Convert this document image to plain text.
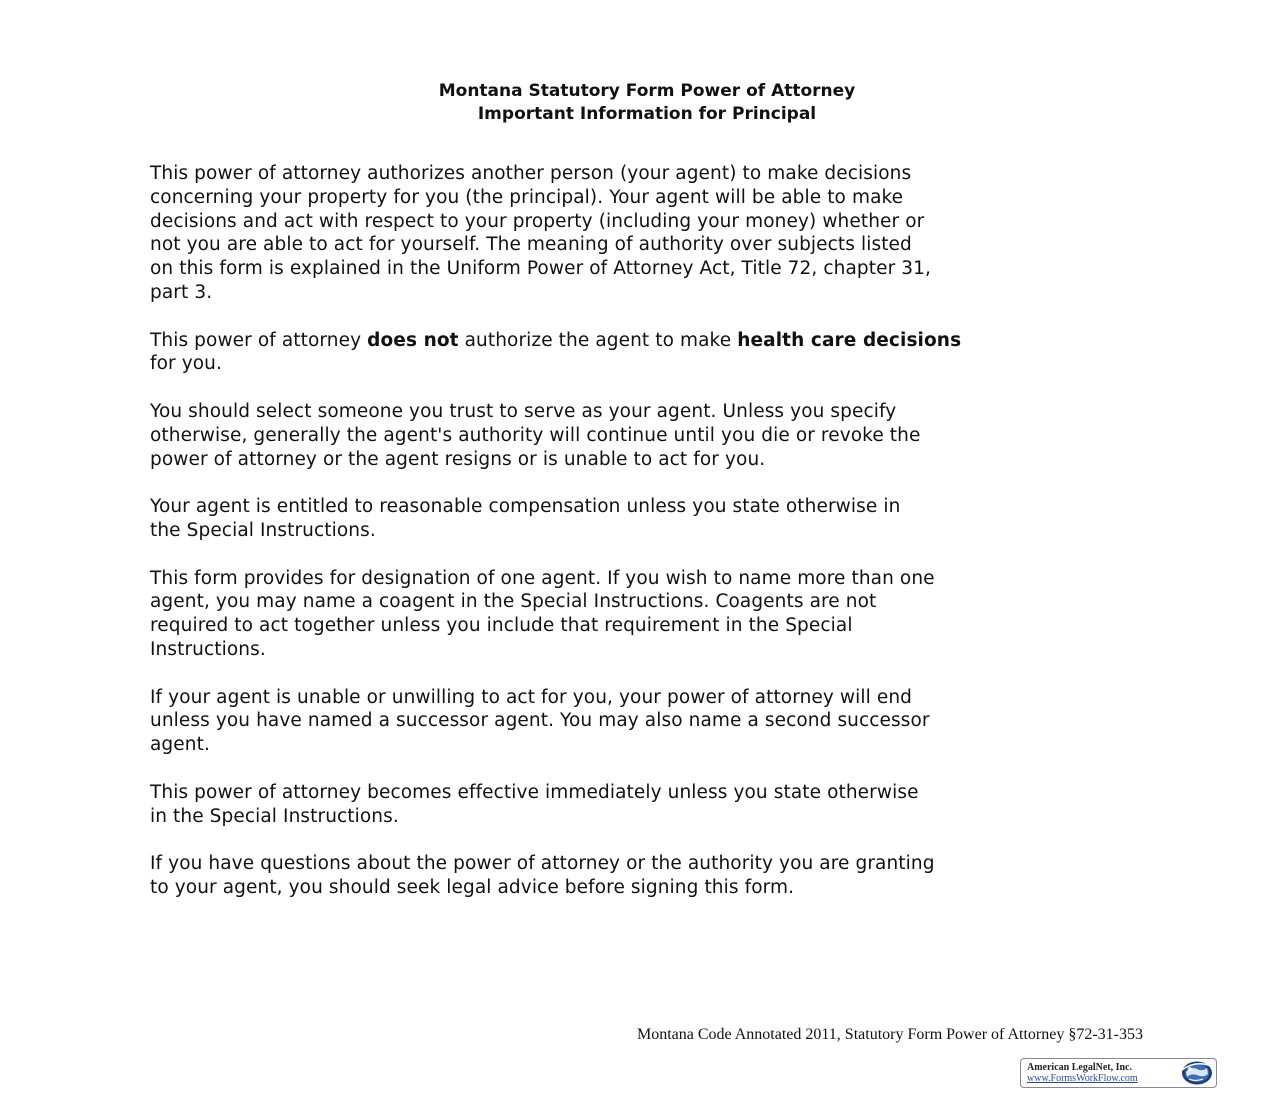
Montana Statutory Form Power of Attorney
Important Information for Principal
This power of attorney authorizes another person (your agent) to make decisions
concerning your property for you (the principal). Your agent will be able to make
decisions and act with respect to your property (including your money) whether or
not you are able to act for yourself. The meaning of authority over subjects listed
on this form is explained in the Uniform Power of Attorney Act, Title 72, chapter 31,
part 3.
This power of attorney does not authorize the agent to make health care decisions
for you.
You should select someone you trust to serve as your agent. Unless you specify
otherwise, generally the agent's authority will continue until you die or revoke the
power of attorney or the agent resigns or is unable to act for you.
Your agent is entitled to reasonable compensation unless you state otherwise in
the Special Instructions.
This form provides for designation of one agent. If you wish to name more than one
agent, you may name a coagent in the Special Instructions. Coagents are not
required to act together unless you include that requirement in the Special
Instructions.
If your agent is unable or unwilling to act for you, your power of attorney will end
unless you have named a successor agent. You may also name a second successor
agent.
This power of attorney becomes effective immediately unless you state otherwise
in the Special Instructions.
If you have questions about the power of attorney or the authority you are granting
to your agent, you should seek legal advice before signing this form.
Montana Code Annotated 2011, Statutory Form Power of Attorney §72-31-353
American LegalNet, Inc.
www.FormsWorkFlow.com
